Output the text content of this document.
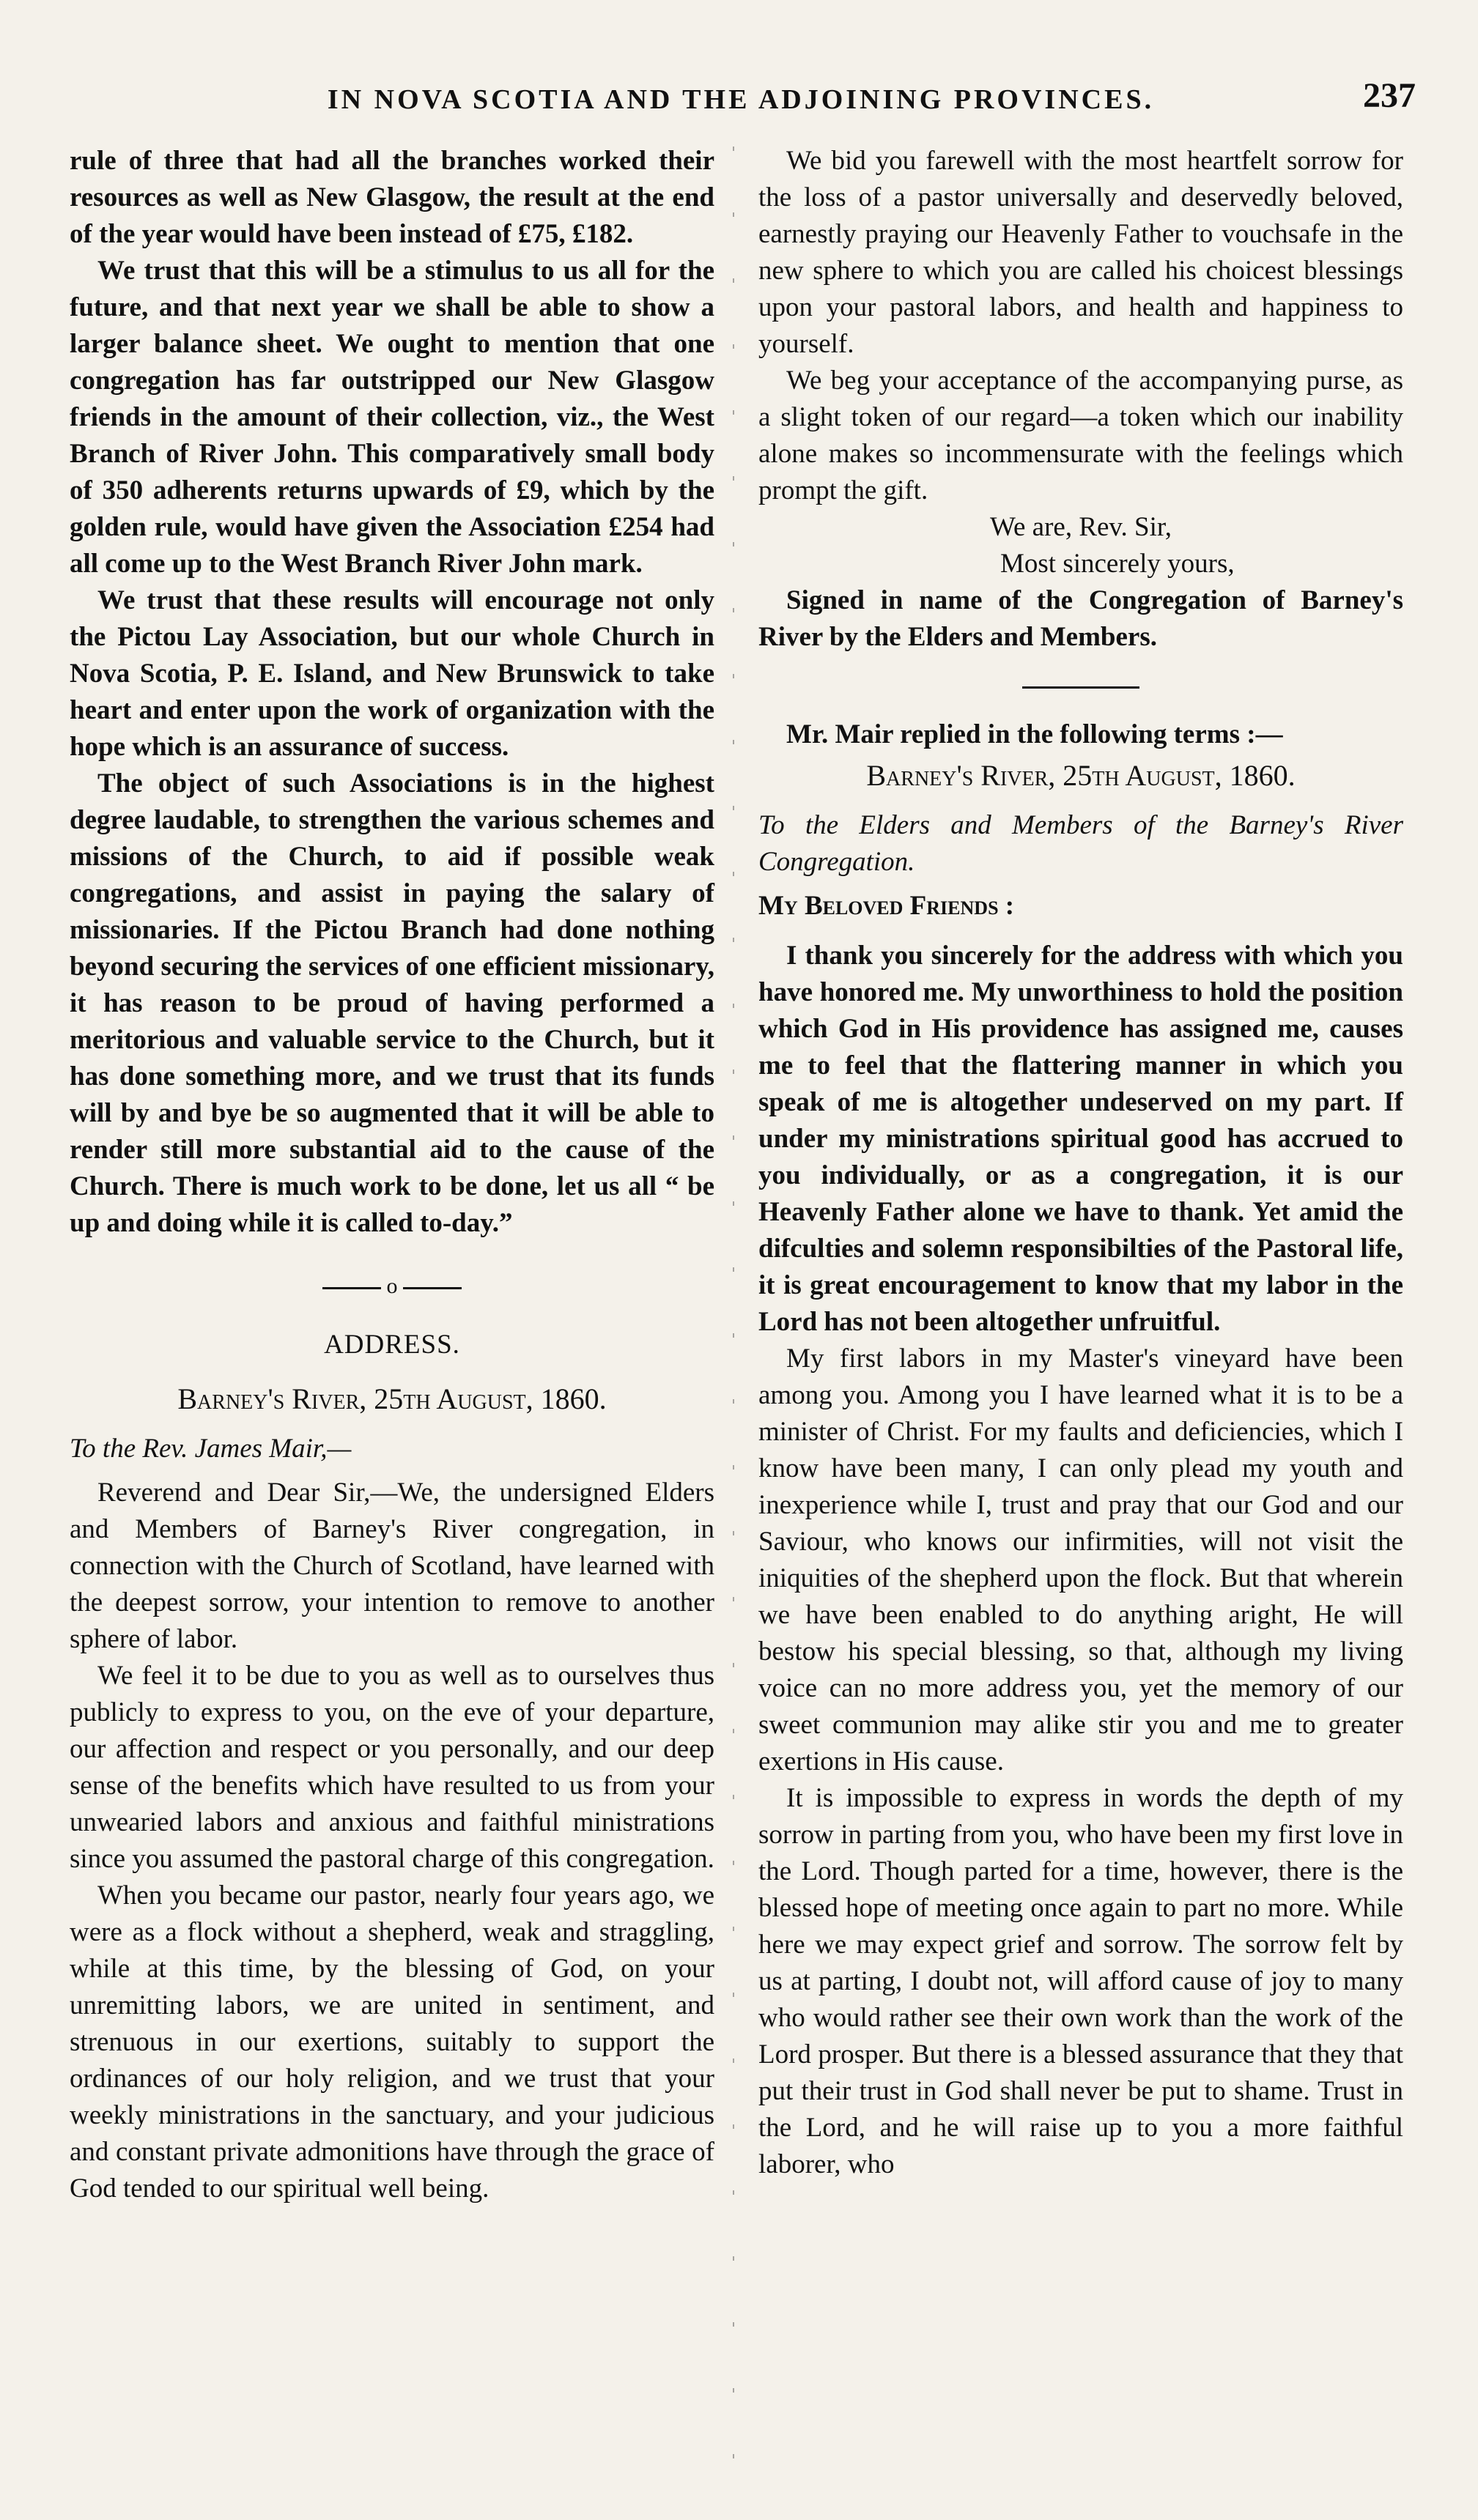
IN NOVA SCOTIA AND THE ADJOINING PROVINCES.	237

rule of three that had all the branches worked their resources as well as New Glasgow, the result at the end of the year would have been instead of £75, £182.

We trust that this will be a stimulus to us all for the future, and that next year we shall be able to show a larger balance sheet. We ought to mention that one congregation has far outstripped our New Glasgow friends in the amount of their collection, viz., the West Branch of River John. This comparatively small body of 350 adherents returns upwards of £9, which by the golden rule, would have given the Association £254 had all come up to the West Branch River John mark.

We trust that these results will encourage not only the Pictou Lay Association, but our whole Church in Nova Scotia, P. E. Island, and New Brunswick to take heart and enter upon the work of organization with the hope which is an assurance of success.

The object of such Associations is in the highest degree laudable, to strengthen the various schemes and missions of the Church, to aid if possible weak congregations, and assist in paying the salary of missionaries. If the Pictou Branch had done nothing beyond securing the services of one efficient missionary, it has reason to be proud of having performed a meritorious and valuable service to the Church, but it has done something more, and we trust that its funds will by and bye be so augmented that it will be able to render still more substantial aid to the cause of the Church. There is much work to be done, let us all “ be up and doing while it is called to-day.”

o
ADDRESS.

Barney's River, 25th August, 1860.

To the Rev. James Mair,—

Reverend and Dear Sir,—We, the undersigned Elders and Members of Barney's River congregation, in connection with the Church of Scotland, have learned with the deepest sorrow, your intention to remove to another sphere of labor.

We feel it to be due to you as well as to ourselves thus publicly to express to you, on the eve of your departure, our affection and respect or you personally, and our deep sense of the benefits which have resulted to us from your unwearied labors and anxious and faithful ministrations since you assumed the pastoral charge of this congregation.

When you became our pastor, nearly four years ago, we were as a flock without a shepherd, weak and straggling, while at this time, by the blessing of God, on your unremitting labors, we are united in sentiment, and strenuous in our exertions, suitably to support the ordinances of our holy religion, and we trust that your weekly ministrations in the sanctuary, and your judicious and constant private admonitions have through the grace of God tended to our spiritual well being.

We bid you farewell with the most heartfelt sorrow for the loss of a pastor universally and deservedly beloved, earnestly praying our Heavenly Father to vouchsafe in the new sphere to which you are called his choicest blessings upon your pastoral labors, and health and happiness to yourself.

We beg your acceptance of the accompanying purse, as a slight token of our regard—a token which our inability alone makes so incommensurate with the feelings which prompt the gift.

We are, Rev. Sir,

Most sincerely yours,

Signed in name of the Congregation of Barney's River by the Elders and Members.

Mr. Mair replied in the following terms :—

Barney's River, 25th August, 1860.

To the Elders and Members of the Barney's River Congregation.

My Beloved Friends :

I thank you sincerely for the address with which you have honored me. My unworthiness to hold the position which God in His providence has assigned me, causes me to feel that the flattering manner in which you speak of me is altogether undeserved on my part. If under my ministrations spiritual good has accrued to you individually, or as a congregation, it is our Heavenly Father alone we have to thank. Yet amid the difculties and solemn responsibilties of the Pastoral life, it is great encouragement to know that my labor in the Lord has not been altogether unfruitful.

My first labors in my Master's vineyard have been among you. Among you I have learned what it is to be a minister of Christ. For my faults and deficiencies, which I know have been many, I can only plead my youth and inexperience while I, trust and pray that our God and our Saviour, who knows our infirmities, will not visit the iniquities of the shepherd upon the flock. But that wherein we have been enabled to do anything aright, He will bestow his special blessing, so that, although my living voice can no more address you, yet the memory of our sweet communion may alike stir you and me to greater exertions in His cause.

It is impossible to express in words the depth of my sorrow in parting from you, who have been my first love in the Lord. Though parted for a time, however, there is the blessed hope of meeting once again to part no more. While here we may expect grief and sorrow. The sorrow felt by us at parting, I doubt not, will afford cause of joy to many who would rather see their own work than the work of the Lord prosper. But there is a blessed assurance that they that put their trust in God shall never be put to shame. Trust in the Lord, and he will raise up to you a more faithful laborer, who
